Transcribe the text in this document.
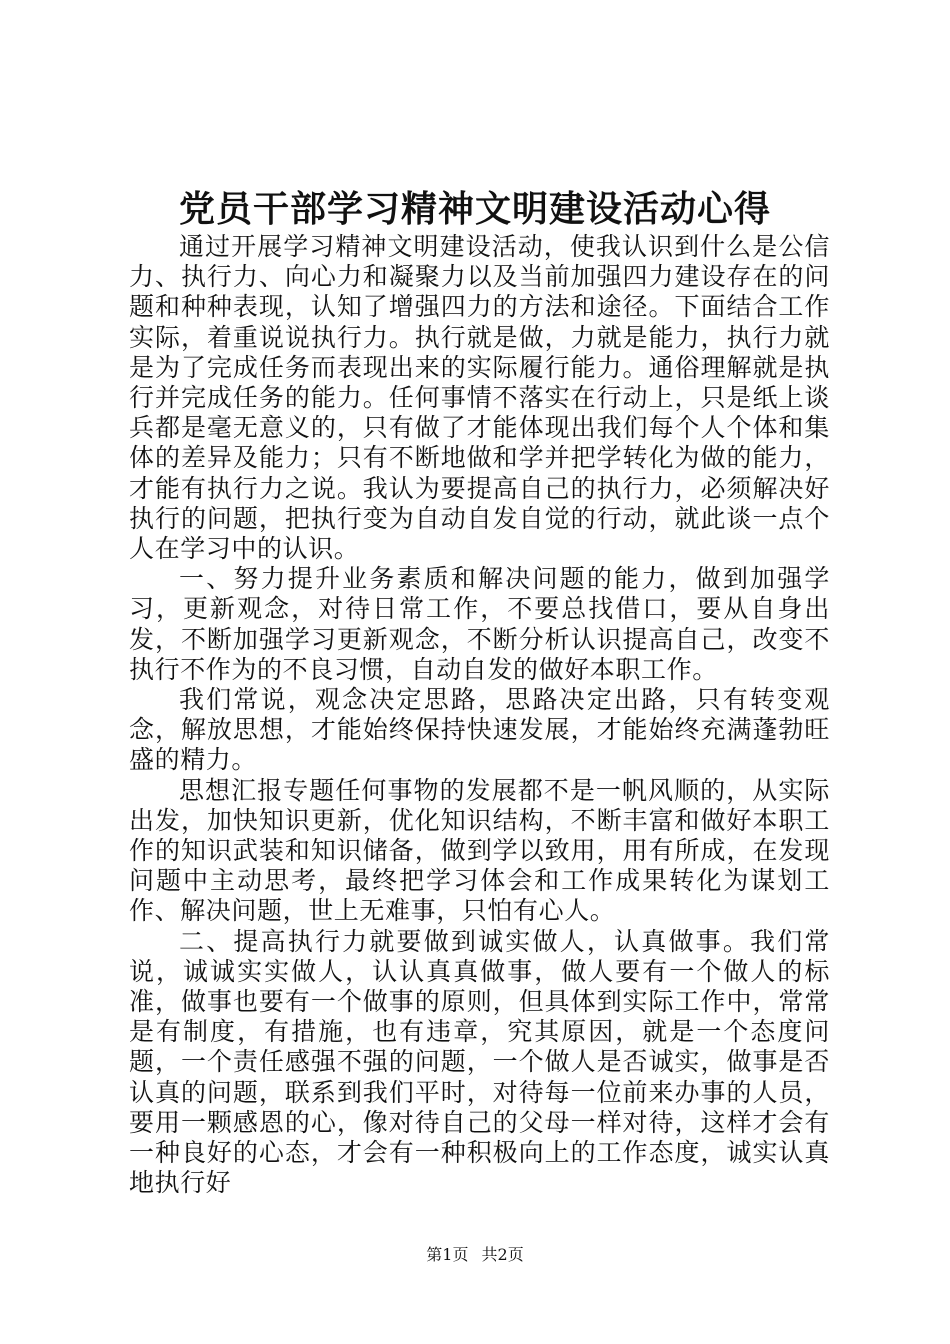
党员干部学习精神文明建设活动心得

通过开展学习精神文明建设活动，使我认识到什么是公信力、执行力、向心力和凝聚力以及当前加强四力建设存在的问题和种种表现，认知了增强四力的方法和途径。下面结合工作实际，着重说说执行力。执行就是做，力就是能力，执行力就是为了完成任务而表现出来的实际履行能力。通俗理解就是执行并完成任务的能力。任何事情不落实在行动上，只是纸上谈兵都是毫无意义的，只有做了才能体现出我们每个人个体和集体的差异及能力；只有不断地做和学并把学转化为做的能力，才能有执行力之说。我认为要提高自己的执行力，必须解决好执行的问题，把执行变为自动自发自觉的行动，就此谈一点个人在学习中的认识。

一、努力提升业务素质和解决问题的能力，做到加强学习，更新观念，对待日常工作，不要总找借口，要从自身出发，不断加强学习更新观念，不断分析认识提高自己，改变不执行不作为的不良习惯，自动自发的做好本职工作。

我们常说，观念决定思路，思路决定出路，只有转变观念，解放思想，才能始终保持快速发展，才能始终充满蓬勃旺盛的精力。

思想汇报专题任何事物的发展都不是一帆风顺的，从实际出发，加快知识更新，优化知识结构，不断丰富和做好本职工作的知识武装和知识储备，做到学以致用，用有所成，在发现问题中主动思考，最终把学习体会和工作成果转化为谋划工作、解决问题，世上无难事，只怕有心人。

二、提高执行力就要做到诚实做人，认真做事。我们常说，诚诚实实做人，认认真真做事，做人要有一个做人的标准，做事也要有一个做事的原则，但具体到实际工作中，常常是有制度，有措施，也有违章，究其原因，就是一个态度问题，一个责任感强不强的问题，一个做人是否诚实，做事是否认真的问题，联系到我们平时，对待每一位前来办事的人员，要用一颗感恩的心，像对待自己的父母一样对待，这样才会有一种良好的心态，才会有一种积极向上的工作态度，诚实认真地执行好

第1页 共2页
